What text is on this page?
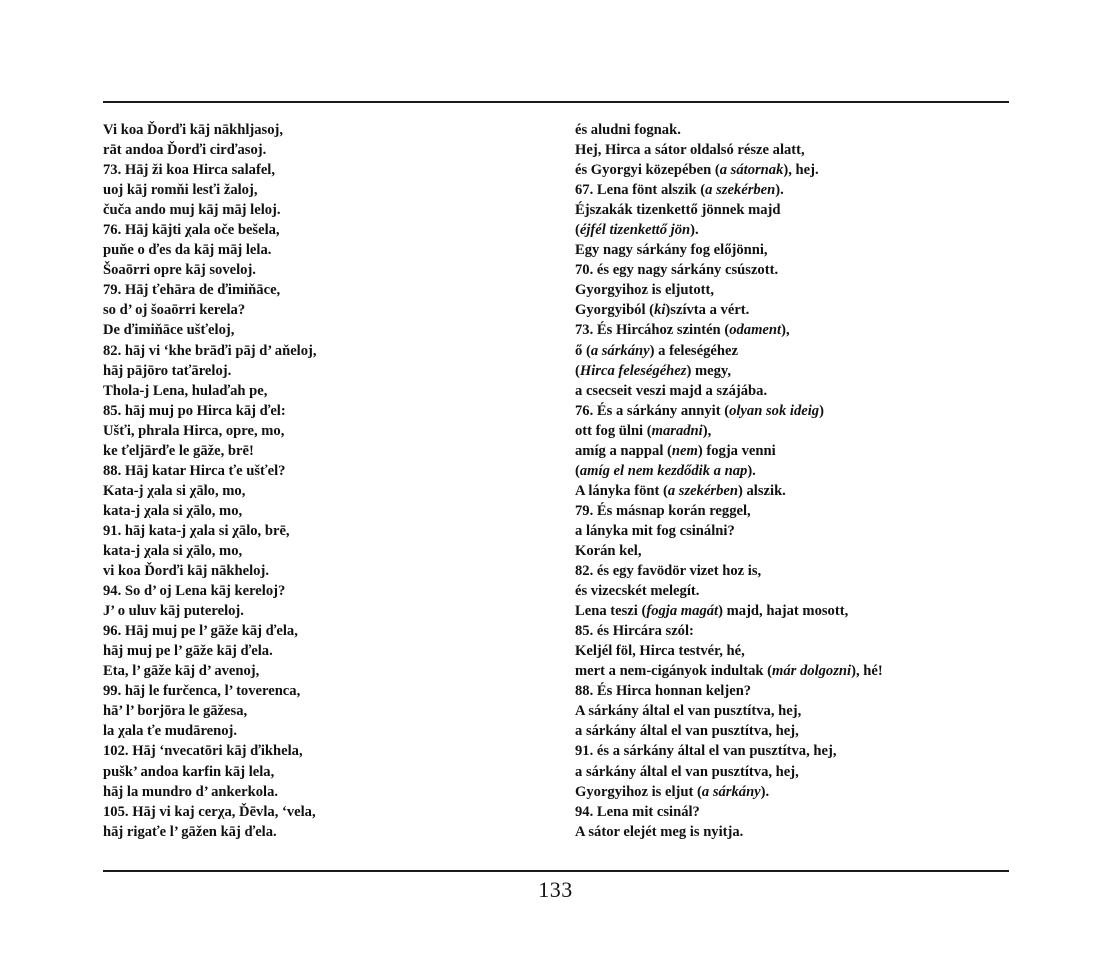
Vi koa Ďorďi kāj nākhljasoj,
rāt andoa Ďorďi cirďasoj.
73. Hāj ži koa Hirca salafel,
uoj kāj romňi lesťi žaloj,
čuča ando muj kāj māj leloj.
76. Hāj kājti χala oče bešela,
puňe o ďes da kāj māj lela.
Šoaōrri opre kāj soveloj.
79. Hāj ťehāra de ďimiňāce,
so d’ oj šoaōrri kerela?
De ďimiňāce ušťeloj,
82. hāj vi ‘khe brāďi pāj d’ aňeloj,
hāj pājōro taťāreloj.
Thola-j Lena, hulaďah pe,
85. hāj muj po Hirca kāj ďel:
Ušťi, phrala Hirca, opre, mo,
ke ťeljārďe le gāže, brē!
88. Hāj katar Hirca ťe ušťel?
Kata-j χala si χālo, mo,
kata-j χala si χālo, mo,
91. hāj kata-j χala si χālo, brē,
kata-j χala si χālo, mo,
vi koa Ďorďi kāj nākheloj.
94. So d’ oj Lena kāj kereloj?
J’ o uluv kāj putereloj.
96. Hāj muj pe l’ gāže kāj ďela,
hāj muj pe l’ gāže kāj ďela.
Eta, l’ gāže kāj d’ avenoj,
99. hāj le furčenca, l’ toverenca,
hā’ l’ borjōra le gāžesa,
la χala ťe mudārenoj.
102. Hāj ‘nvecatōri kāj ďikhela,
pušk’ andoa karfin kāj lela,
hāj la mundro d’ ankerkola.
105. Hāj vi kaj cerχa, Ďēvla, ‘vela,
hāj rigaťe l’ gāžen kāj ďela.
és aludni fognak.
Hej, Hirca a sátor oldalsó része alatt,
és Gyorgyi közepében (a sátornak), hej.
67. Lena fönt alszik (a szekérben).
Éjszakák tizenkettő jönnek majd
(éjfél tizenkettő jön).
Egy nagy sárkány fog előjönni,
70. és egy nagy sárkány csúszott.
Gyorgyihoz is eljutott,
Gyorgyiból (ki)szívta a vért.
73. És Hircához szintén (odament),
ő (a sárkány) a feleségéhez
(Hirca feleségéhez) megy,
a csecseit veszi majd a szájába.
76. És a sárkány annyit (olyan sok ideig)
ott fog ülni (maradni),
amíg a nappal (nem) fogja venni
(amíg el nem kezdődik a nap).
A lányka fönt (a szekérben) alszik.
79. És másnap korán reggel,
a lányka mit fog csinálni?
Korán kel,
82. és egy favödör vizet hoz is,
és vizecskét melegít.
Lena teszi (fogja magát) majd, hajat mosott,
85. és Hircára szól:
Keljél föl, Hirca testvér, hé,
mert a nem-cigányok indultak (már dolgozni), hé!
88. És Hirca honnan keljen?
A sárkány által el van pusztítva, hej,
a sárkány által el van pusztítva, hej,
91. és a sárkány által el van pusztítva, hej,
a sárkány által el van pusztítva, hej,
Gyorgyihoz is eljut (a sárkány).
94. Lena mit csinál?
A sátor elejét meg is nyitja.
133
